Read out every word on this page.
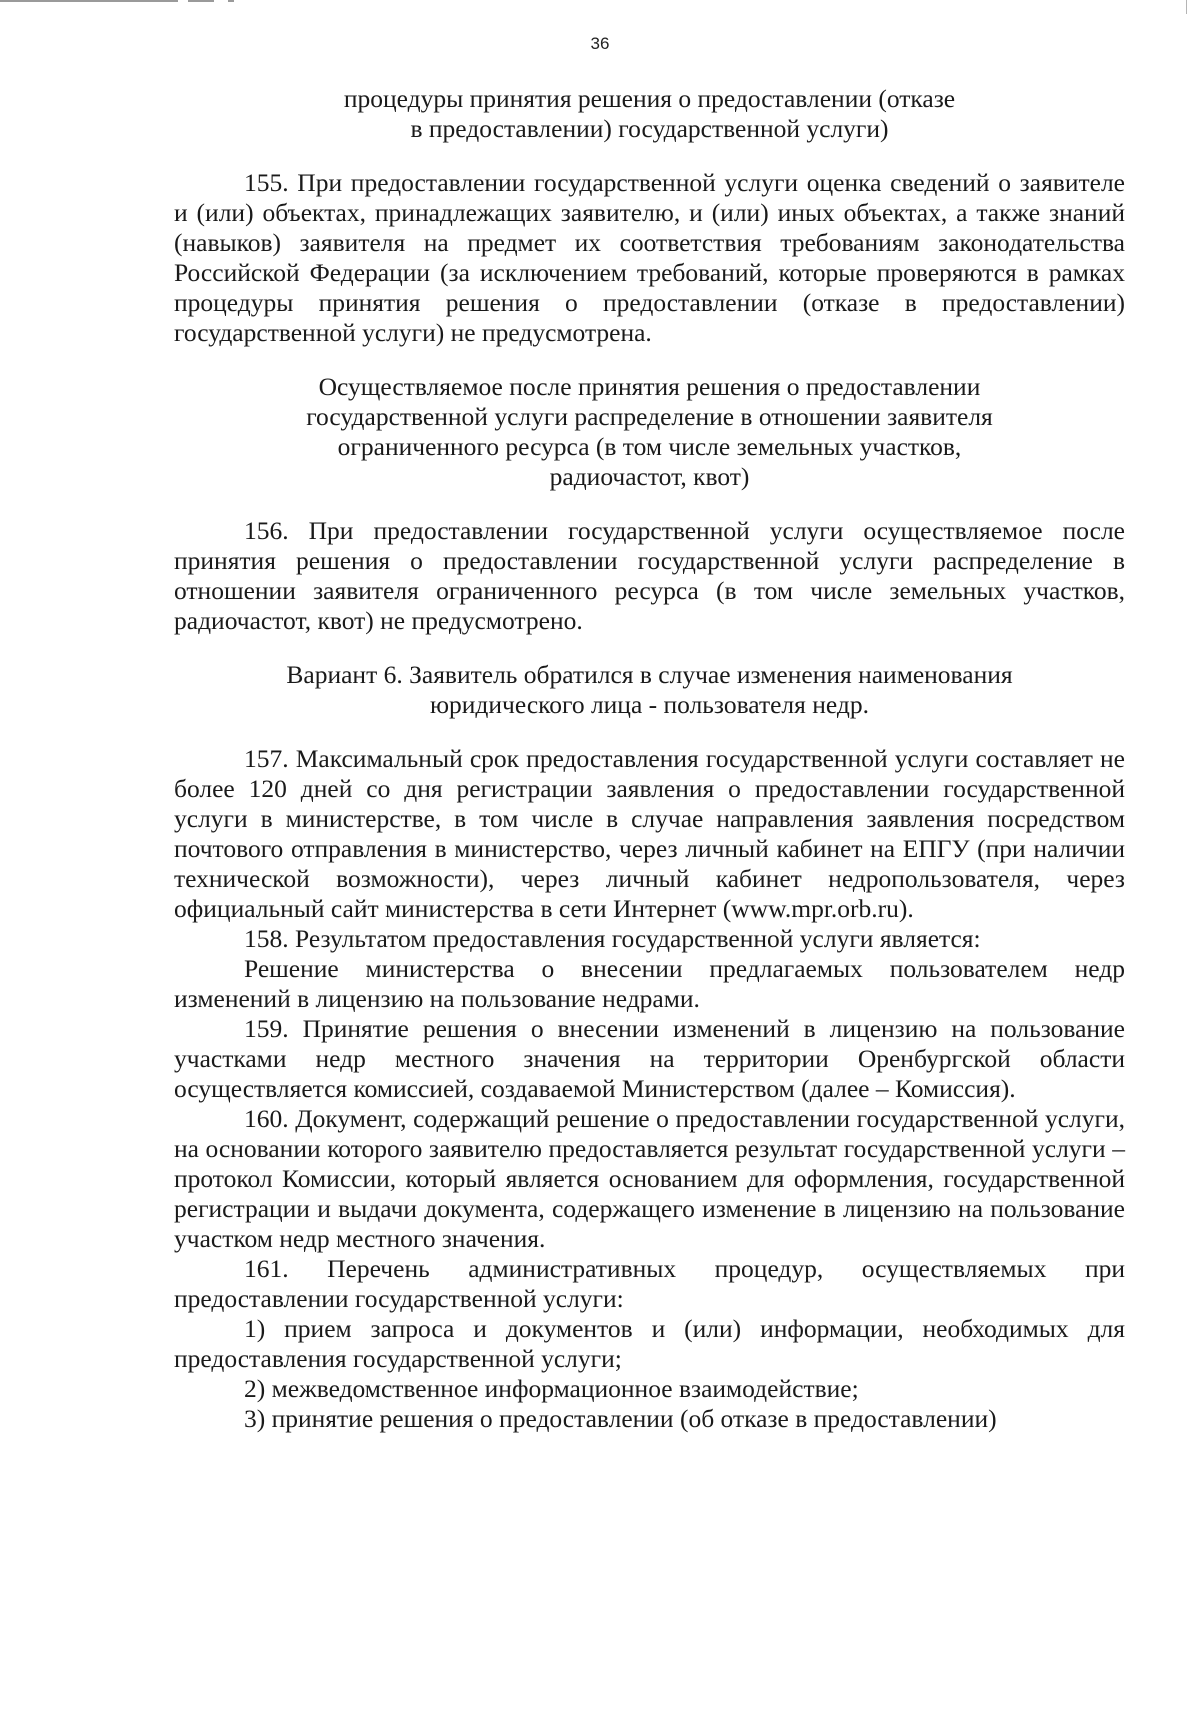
36
процедуры принятия решения о предоставлении (отказе
в предоставлении) государственной услуги)

155. При предоставлении государственной услуги оценка сведений о заявителе и (или) объектах, принадлежащих заявителю, и (или) иных объектах, а также знаний (навыков) заявителя на предмет их соответствия требованиям законодательства Российской Федерации (за исключением требований, которые проверяются в рамках процедуры принятия решения о предоставлении (отказе в предоставлении) государственной услуги) не предусмотрена.

Осуществляемое после принятия решения о предоставлении
государственной услуги распределение в отношении заявителя
ограниченного ресурса (в том числе земельных участков,
радиочастот, квот)

156. При предоставлении государственной услуги осуществляемое после принятия решения о предоставлении государственной услуги распределение в отношении заявителя ограниченного ресурса (в том числе земельных участков, радиочастот, квот) не предусмотрено.

Вариант 6. Заявитель обратился в случае изменения наименования
юридического лица - пользователя недр.

157. Максимальный срок предоставления государственной услуги составляет не более 120 дней со дня регистрации заявления о предоставлении государственной услуги в министерстве, в том числе в случае направления заявления посредством почтового отправления в министерство, через личный кабинет на ЕПГУ (при наличии технической возможности), через личный кабинет недропользователя, через официальный сайт министерства в сети Интернет (www.mpr.orb.ru).

158. Результатом предоставления государственной услуги является:

Решение министерства о внесении предлагаемых пользователем недр изменений в лицензию на пользование недрами.

159. Принятие решения о внесении изменений в лицензию на пользование участками недр местного значения на территории Оренбургской области осуществляется комиссией, создаваемой Министерством (далее – Комиссия).

160. Документ, содержащий решение о предоставлении государственной услуги, на основании которого заявителю предоставляется результат государственной услуги – протокол Комиссии, который является основанием для оформления, государственной регистрации и выдачи документа, содержащего изменение в лицензию на пользование участком недр местного значения.

161. Перечень административных процедур, осуществляемых при предоставлении государственной услуги:

1) прием запроса и документов и (или) информации, необходимых для предоставления государственной услуги;

2) межведомственное информационное взаимодействие;

3) принятие решения о предоставлении (об отказе в предоставлении)
